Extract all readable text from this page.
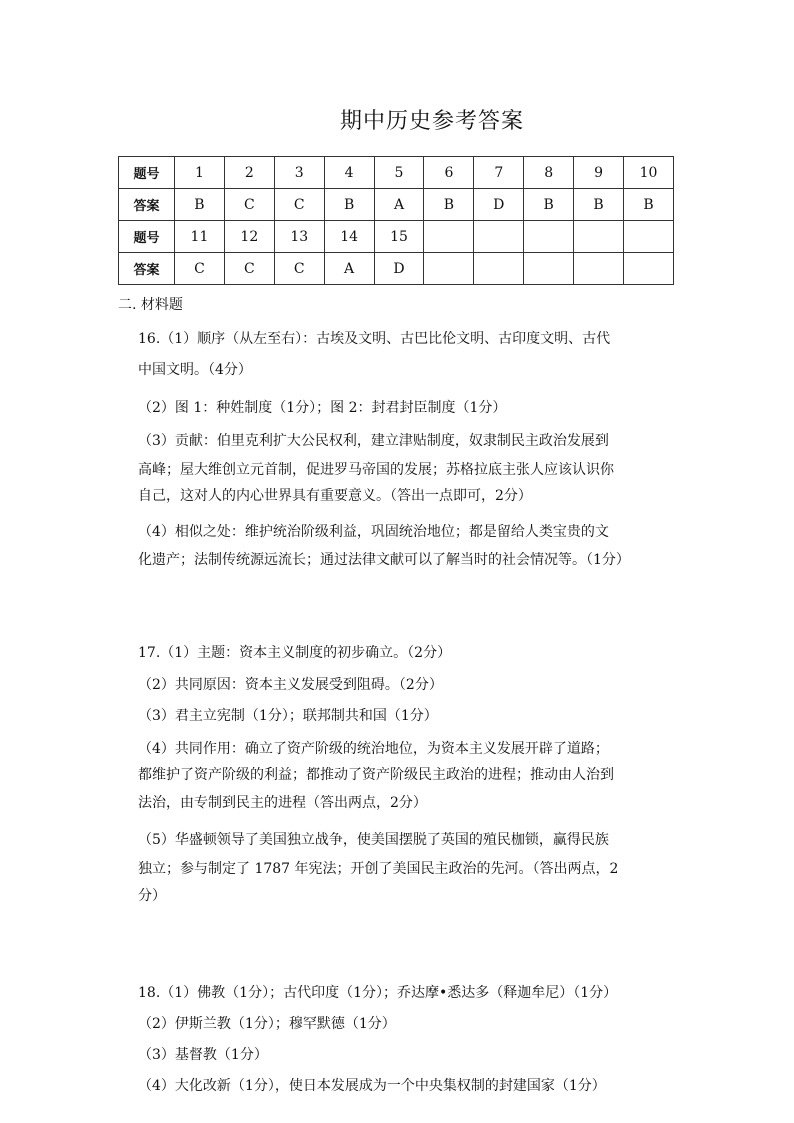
期中历史参考答案
题号	1	2	3	4	5	6	7	8	9	10
答案	B	C	C	B	A	B	D	B	B	B
题号	11	12	13	14	15					
答案	C	C	C	A	D					
二. 材料题
16.（1）顺序（从左至右）：古埃及文明、古巴比伦文明、古印度文明、古代
中国文明。（4分）
（2）图 1：种姓制度（1分）；图 2：封君封臣制度（1分）
（3）贡献：伯里克利扩大公民权利，建立津贴制度，奴隶制民主政治发展到
高峰；屋大维创立元首制，促进罗马帝国的发展；苏格拉底主张人应该认识你
自己，这对人的内心世界具有重要意义。（答出一点即可，2分）
（4）相似之处：维护统治阶级利益，巩固统治地位；都是留给人类宝贵的文
化遗产；法制传统源远流长；通过法律文献可以了解当时的社会情况等。（1分）
17.（1）主题：资本主义制度的初步确立。（2分）
（2）共同原因：资本主义发展受到阻碍。（2分）
（3）君主立宪制（1分）；联邦制共和国（1分）
（4）共同作用：确立了资产阶级的统治地位，为资本主义发展开辟了道路；
都维护了资产阶级的利益；都推动了资产阶级民主政治的进程；推动由人治到
法治，由专制到民主的进程（答出两点，2分）
（5）华盛顿领导了美国独立战争，使美国摆脱了英国的殖民枷锁，赢得民族
独立；参与制定了 1787 年宪法；开创了美国民主政治的先河。（答出两点，2
分）
18.（1）佛教（1分）；古代印度（1分）；乔达摩•悉达多（释迦牟尼）（1分）
（2）伊斯兰教（1分）；穆罕默德（1分）
（3）基督教（1分）
（4）大化改新（1分），使日本发展成为一个中央集权制的封建国家（1分）
